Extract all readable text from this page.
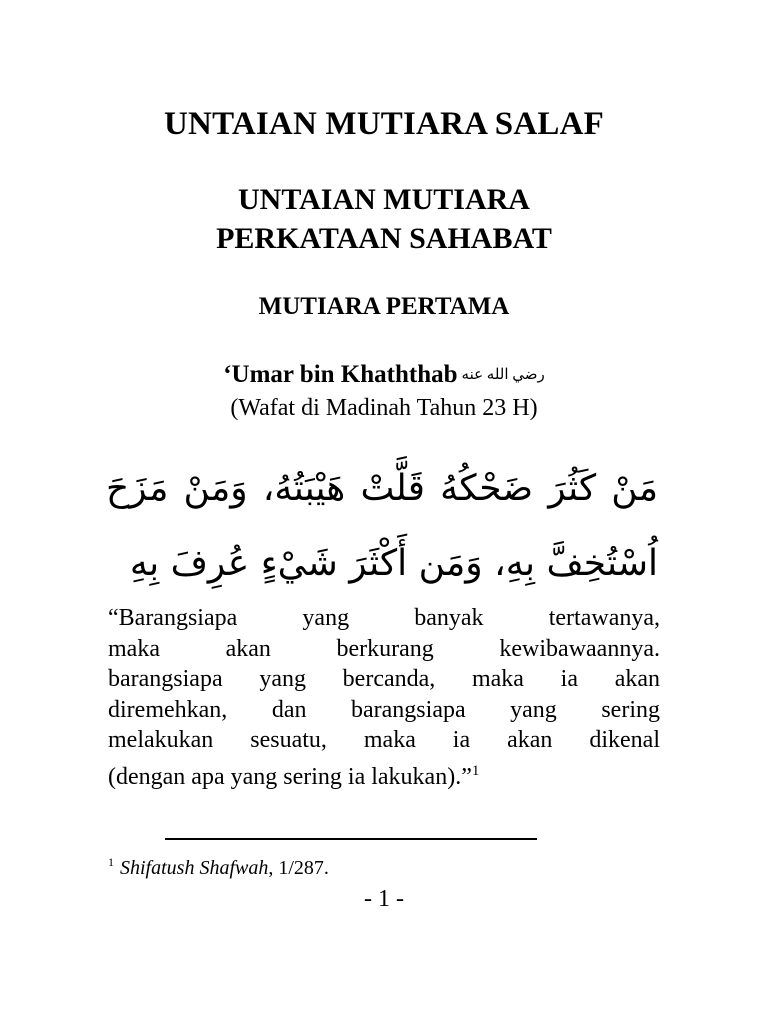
UNTAIAN MUTIARA SALAF
UNTAIAN MUTIARA
PERKATAAN SAHABAT
MUTIARA PERTAMA
‘Umar bin Khaththab رضي الله عنه
(Wafat di Madinah Tahun 23 H)
مَنْ كَثُرَ ضَحْكُهُ قَلَّتْ هَيْبَتُهُ، وَمَنْ مَزَحَ
اُسْتُخِفَّ بِهِ، وَمَن أَكْثَرَ شَيْءٍ عُرِفَ بِهِ
“Barangsiapa yang banyak tertawanya,
maka akan berkurang kewibawaannya.
barangsiapa yang bercanda, maka ia akan
diremehkan, dan barangsiapa yang sering
melakukan sesuatu, maka ia akan dikenal
(dengan apa yang sering ia lakukan).”$^1$
$^1$ Shifatush Shafwah, 1/287.
- 1 -
